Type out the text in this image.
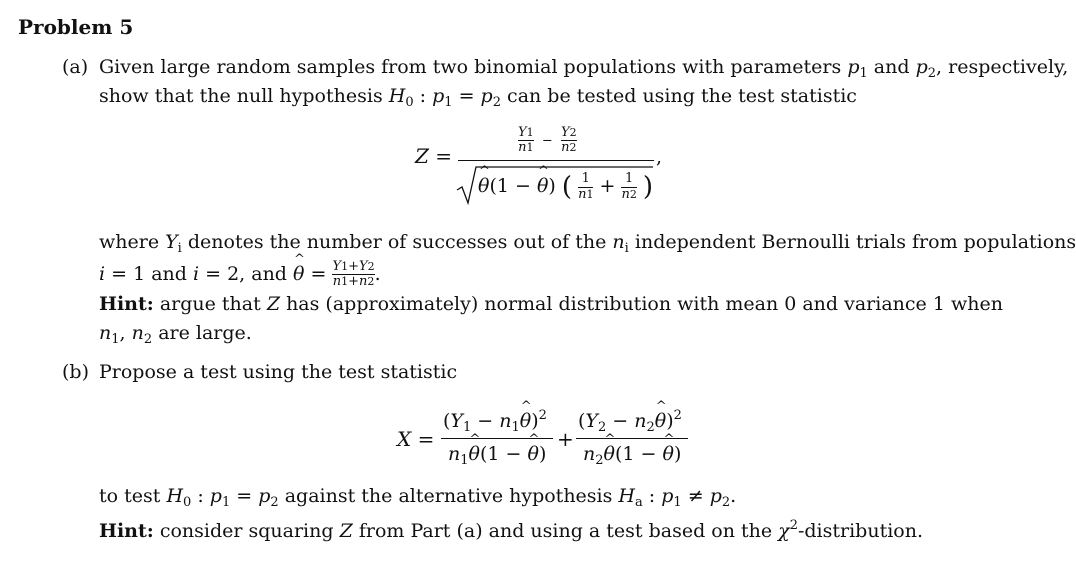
Problem 5
(a) Given large random samples from two binomial populations with parameters $p_1$ and $p_2$, respectively,
show that the null hypothesis $H_0$ : $p_1 = p_2$ can be tested using the test statistic
Z =
$\frac{Y1}{n1} - \frac{Y2}{n2}$
,
θ ^(1 − θ ^) ( $\frac{1}{n1} + \frac{1}{n2}$ )
where $Y_i$ denotes the number of successes out of the $n_i$ independent Bernoulli trials from populations
i = 1 and i = 2, and θ ^ = $\frac{Y1+Y2}{n1+n2}$ .
Hint: argue that Z has (approximately) normal distribution with mean 0 and variance 1 when
$n_1$, $n_2$ are large.
(b) Propose a test using the test statistic
X =
($Y_1 - n_1\theta$ ^)$^2$
$n_1\theta$ ^(1 − θ ^)
+
($Y_2 - n_2\theta$ ^)$^2$
$n_2\theta$ ^(1 − θ ^)
to test $H_0$ : $p_1 = p_2$ against the alternative hypothesis $H_a$ : $p_1 \ne p_2$.
Hint: consider squaring Z from Part (a) and using a test based on the $\chi^2$-distribution.
